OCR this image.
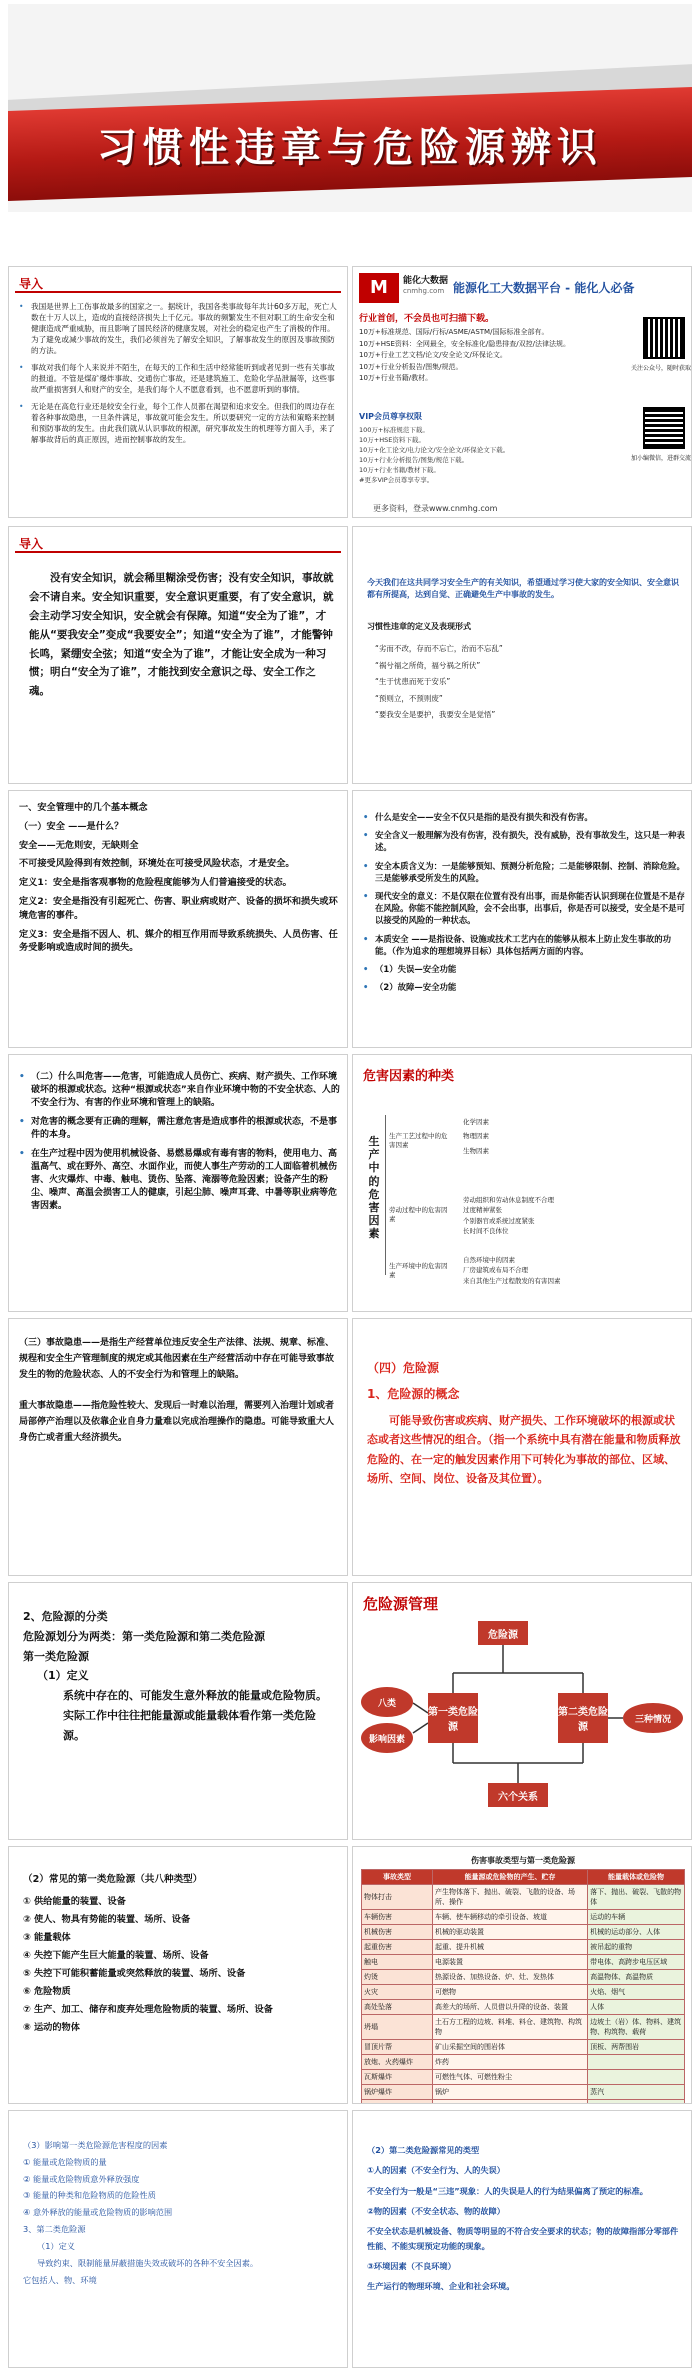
习惯性违章与危险源辨识
导入
• 我国是世界上工伤事故最多的国家之一。据统计，我国各类事故每年共计60多万起，死亡人数在十万人以上，造成的直接经济损失上千亿元。事故的频繁发生不但对职工的生命安全和健康造成严重威胁，而且影响了国民经济的健康发展，对社会的稳定也产生了消极的作用。为了避免或减少事故的发生，我们必须首先了解安全知识，了解事故发生的原因及事故预防的方法。
• 事故对我们每个人来说并不陌生，在每天的工作和生活中经常能听到或者见到一些有关事故的报道。不管是煤矿爆炸事故、交通伤亡事故，还是建筑施工、危险化学品泄漏等，这些事故严重损害到人和财产的安全，是我们每个人不愿意看到，也不愿意听到的事情。
• 无论是在高危行业还是较安全行业，每个工作人员都在渴望和追求安全。但我们的周边存在着各种事故隐患，一旦条件满足，事故就可能会发生。所以要研究一定的方法和策略来控制和预防事故的发生。由此我们就从认识事故的根源，研究事故发生的机理等方面入手，来了解事故背后的真正原因，进而控制事故的发生。
M	能化大数据
cnmhg.com 能源化工大数据平台 - 能化人必备
行业首创，不会员也可扫描下载。
10万+标准规范、国际/行标/ASME/ASTM/国际标准全部有。
10万+HSE资料：全网最全，安全标准化/隐患排查/双控/法律法规。
10万+行业工艺文档/论文/安全论文/环保论文。
10万+行业分析报告/图集/规范。
10万+行业书籍/教材。
VIP会员尊享权限
100万+标准规范下载。
10万+HSE资料下载。
10万+化工论文/电力论文/安全论文/环保论文下载。
10万+行业分析报告/图集/规范下载。
10万+行业书籍/教材下载。
#更多VIP会员尊享专享。
更多资料，登录www.cnmhg.com
关注公众号，随时获取
加小编微信，进群交流
导入
没有安全知识，就会稀里糊涂受伤害；没有安全知识，事故就会不请自来。安全知识重要，安全意识更重要，有了安全意识，就会主动学习安全知识，安全就会有保障。知道“安全为了谁”，才能从“要我安全”变成“我要安全”；知道“安全为了谁”，才能警钟长鸣，紧绷安全弦；知道“安全为了谁”，才能让安全成为一种习惯；明白“安全为了谁”，才能找到安全意识之母、安全工作之魂。
今天我们在这共同学习安全生产的有关知识，希望通过学习使大家的安全知识、安全意识都有所提高，达到自觉、正确避免生产中事故的发生。
习惯性违章的定义及表现形式
“劣而不改，存而不忘亡，治而不忘乱”
“祸兮福之所倚，福兮祸之所伏”
“生于忧患而死于安乐”
“预则立，不预则废”
“要我安全是要护，我要安全是觉悟”
一、安全管理中的几个基本概念
（一）安全 ——是什么？
安全——无危则安，无缺则全
不可接受风险得到有效控制，环境处在可接受风险状态，才是安全。
定义1：安全是指客观事物的危险程度能够为人们普遍接受的状态。
定义2：安全是指没有引起死亡、伤害、职业病或财产、设备的损坏和损失或环境危害的事件。
定义3：安全是指不因人、机、媒介的相互作用而导致系统损失、人员伤害、任务受影响或造成时间的损失。
• 什么是安全——安全不仅只是指的是没有损失和没有伤害。
• 安全含义一般理解为没有伤害，没有损失，没有威胁，没有事故发生，这只是一种表述。
• 安全本质含义为：一是能够预知、预测分析危险；二是能够限制、控制、消除危险。三是能够承受所发生的风险。
• 现代安全的意义：不是仅限在位置有没有出事，而是你能否认识到现在位置是不是存在风险。你能不能控制风险，会不会出事，出事后，你是否可以接受，安全是不是可以接受的风险的一种状态。
• 本质安全 ——是指设备、设施或技术工艺内在的能够从根本上防止发生事故的功能。（作为追求的理想境界目标）具体包括两方面的内容。
• （1）失误—安全功能
• （2）故障—安全功能
• （二）什么叫危害——危害，可能造成人员伤亡、疾病、财产损失、工作环境破坏的根源或状态。这种“根源或状态”来自作业环境中物的不安全状态、人的不安全行为、有害的作业环境和管理上的缺陷。
• 对危害的概念要有正确的理解，需注意危害是造成事件的根源或状态，不是事件的本身。
• 在生产过程中因为使用机械设备、易燃易爆或有毒有害的物料，使用电力、高温高气、或在野外、高空、水面作业，而使人事生产劳动的工人面临着机械伤害、火灾爆炸、中毒、触电、烫伤、坠落、淹溺等危险因素；设备产生的粉尘、噪声、高温会损害工人的健康，引起尘肺、噪声耳聋、中暑等职业病等危害因素。
危害因素的种类
生产中的危害因素
生产工艺过程中的危害因素
化学因素
物理因素
生物因素
劳动过程中的危害因素
劳动组织和劳动休息制度不合理
过度精神紧张
个别器官或系统过度紧张
长时间不良体位
生产环境中的危害因素
自然环境中的因素
厂房建筑或布局不合理
来自其他生产过程散发的有害因素
（三）事故隐患——是指生产经营单位违反安全生产法律、法规、规章、标准、规程和安全生产管理制度的规定或其他因素在生产经营活动中存在可能导致事故发生的物的危险状态、人的不安全行为和管理上的缺陷。
重大事故隐患——指危险性较大、发现后一时难以治理，需要列入治理计划或者局部停产治理以及依靠企业自身力量难以完成治理操作的隐患。可能导致重大人身伤亡或者重大经济损失。
（四）危险源
1、危险源的概念
可能导致伤害或疾病、财产损失、工作环境破坏的根源或状态或者这些情况的组合。（指一个系统中具有潜在能量和物质释放危险的、在一定的触发因素作用下可转化为事故的部位、区域、场所、空间、岗位、设备及其位置）。
2、危险源的分类
危险源划分为两类：第一类危险源和第二类危险源
第一类危险源
（1）定义
系统中存在的、可能发生意外释放的能量或危险物质。
实际工作中往往把能量源或能量载体看作第一类危险源。
危险源管理
危险源
第一类危险源
第二类危险源
六个关系
八类
影响因素
三种情况
（2）常见的第一类危险源（共八种类型）
① 供给能量的装置、设备
② 使人、物具有势能的装置、场所、设备
③ 能量载体
④ 失控下能产生巨大能量的装置、场所、设备
⑤ 失控下可能积蓄能量或突然释放的装置、场所、设备
⑥ 危险物质
⑦ 生产、加工、储存和废弃处理危险物质的装置、场所、设备
⑧ 运动的物体
伤害事故类型与第一类危险源
事故类型	能量源或危险物的产生、贮存	能量载体或危险物
物体打击	产生物体落下、抛出、破裂、飞散的设备、场所、操作	落下、抛出、破裂、飞散的物体
车辆伤害	车辆、使车辆移动的牵引设备、坡道	运动的车辆
机械伤害	机械的驱动装置	机械的运动部分、人体
起重伤害	起重、提升机械	被吊起的重物
触电	电源装置	带电体、高跨步电压区域
灼烫	热源设备、加热设备、炉、灶、发热体	高温物体、高温物质
火灾	可燃物	火焰、烟气
高处坠落	高差大的场所、人员借以升降的设备、装置	人体
坍塌	土石方工程的边坡、料堆、料仓、建筑物、构筑物	边坡土（岩）体、物料、建筑物、构筑物、载荷
冒顶片帮	矿山采掘空间的围岩体	顶板、两帮围岩
放炮、火药爆炸	炸药	
瓦斯爆炸	可燃性气体、可燃性粉尘	
锅炉爆炸	锅炉	蒸汽

（3）影响第一类危险源危害程度的因素
① 能量或危险物质的量
② 能量或危险物质意外释放强度
③ 能量的种类和危险物质的危险性质
④ 意外释放的能量或危险物质的影响范围
3、第二类危险源
（1）定义
导致约束、限制能量屏蔽措施失效或破坏的各种不安全因素。
它包括人、物、环境
（2）第二类危险源常见的类型
①人的因素（不安全行为、人的失误）
不安全行为一般是“三违”现象：人的失误是人的行为结果偏离了预定的标准。
②物的因素（不安全状态、物的故障）
不安全状态是机械设备、物质等明显的不符合安全要求的状态；物的故障指部分零部件性能、不能实现预定功能的现象。
③环境因素（不良环境）
生产运行的物理环境、企业和社会环境。
